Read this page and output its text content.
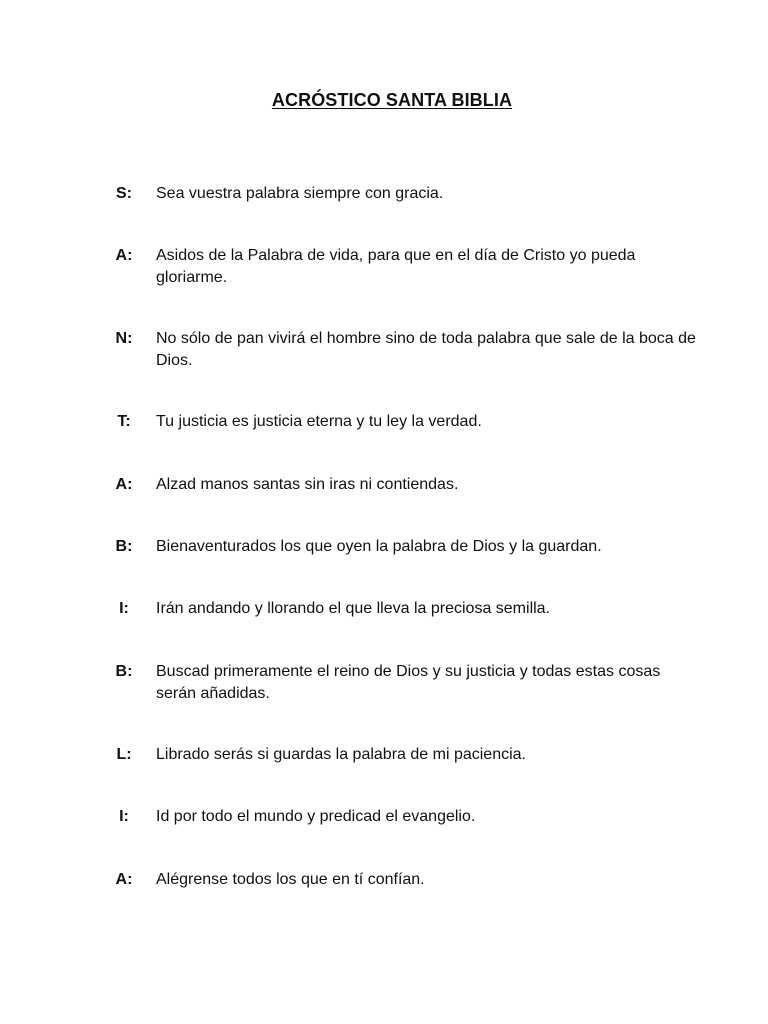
ACRÓSTICO SANTA BIBLIA
S:	Sea vuestra palabra siempre con gracia.
A:	Asidos de la Palabra de vida, para que en el día de Cristo yo pueda gloriarme.
N:	No sólo de pan vivirá el hombre sino de toda palabra que sale de la boca de Dios.
T:	Tu justicia es justicia eterna y tu ley la verdad.
A:	Alzad manos santas sin iras ni contiendas.
B:	Bienaventurados los que oyen la palabra de Dios y la guardan.
I:	Irán andando y llorando el que lleva la preciosa semilla.
B:	Buscad primeramente el reino de Dios y su justicia y todas estas cosas serán añadidas.
L:	Librado serás si guardas la palabra de mi paciencia.
I:	Id por todo el mundo y predicad el evangelio.
A:	Alégrense todos los que en tí confían.
